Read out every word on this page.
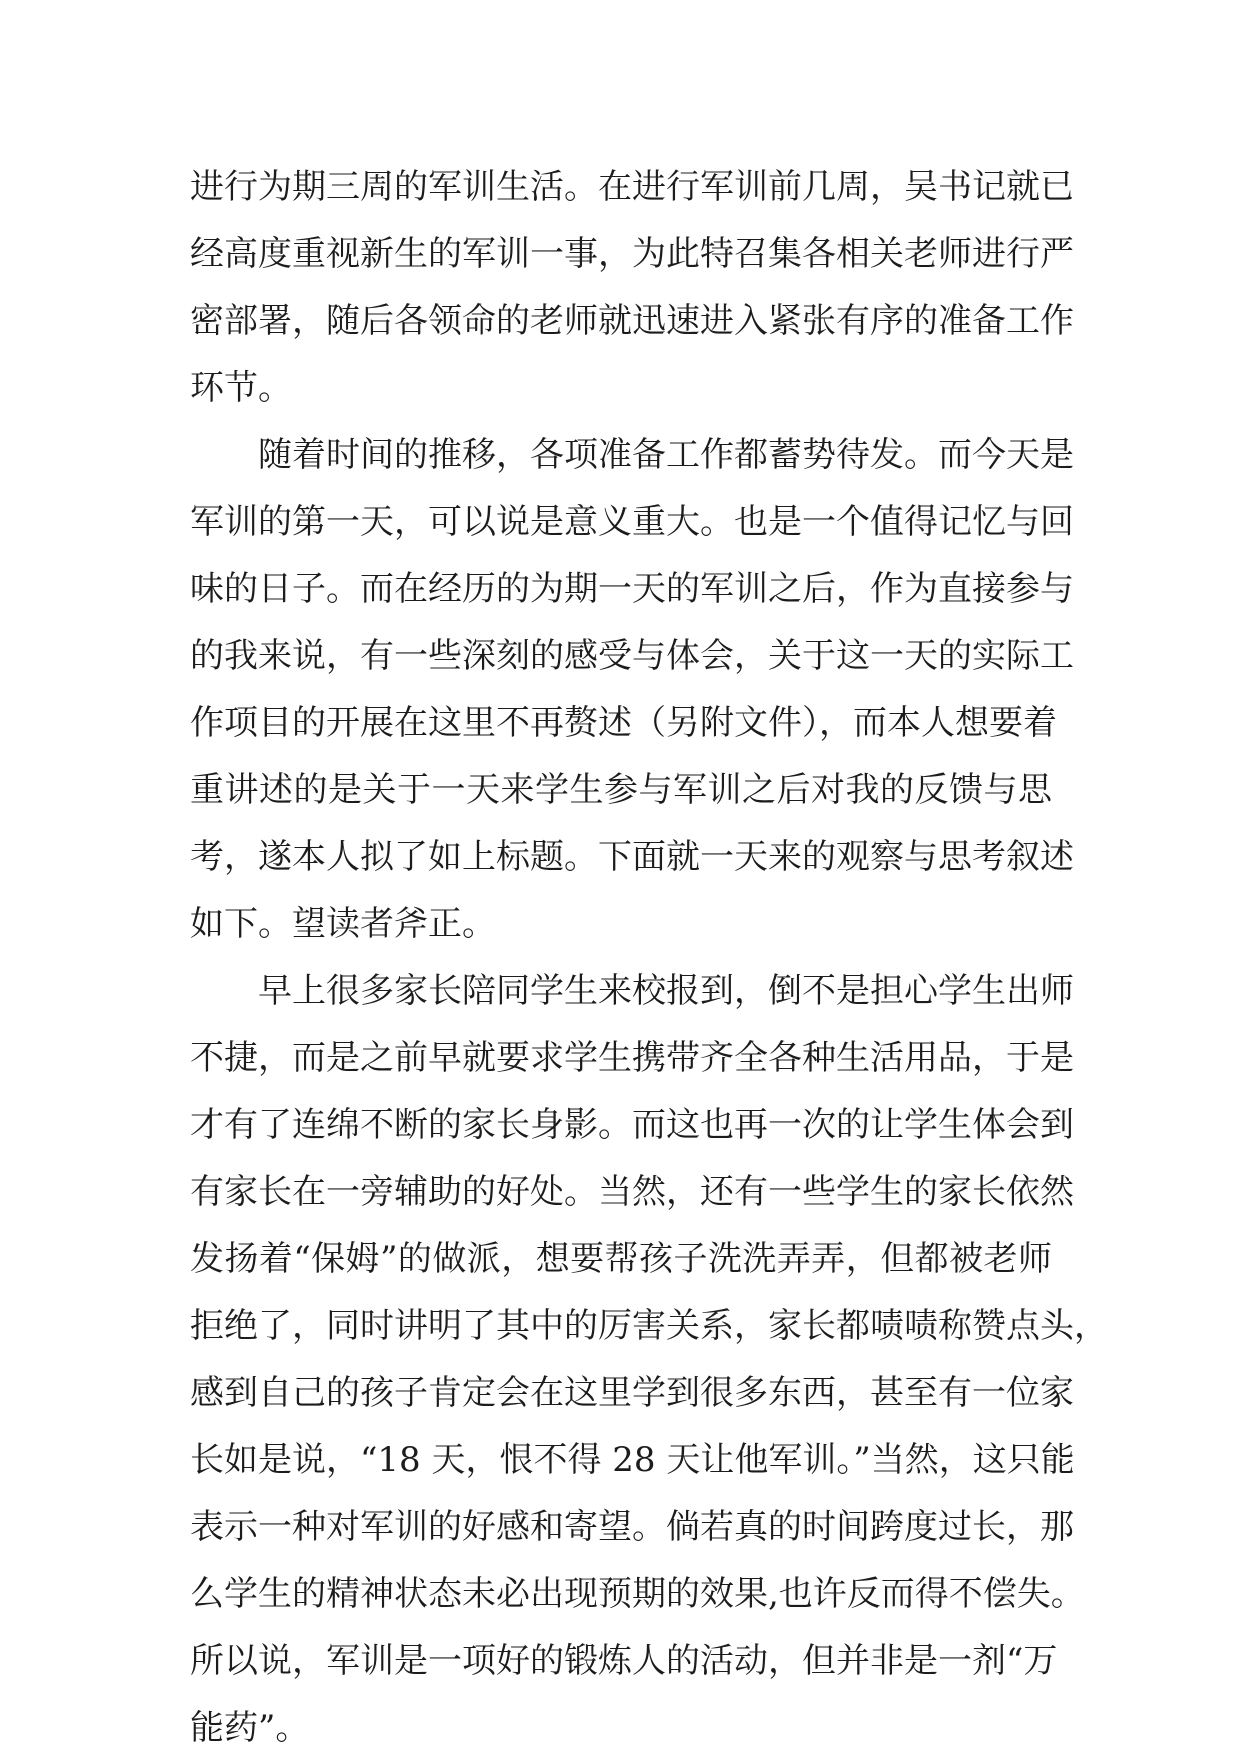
进行为期三周的军训生活。在进行军训前几周，吴书记就已
经高度重视新生的军训一事，为此特召集各相关老师进行严
密部署，随后各领命的老师就迅速进入紧张有序的准备工作
环节。
随着时间的推移，各项准备工作都蓄势待发。而今天是
军训的第一天，可以说是意义重大。也是一个值得记忆与回
味的日子。而在经历的为期一天的军训之后，作为直接参与
的我来说，有一些深刻的感受与体会，关于这一天的实际工
作项目的开展在这里不再赘述（另附文件），而本人想要着
重讲述的是关于一天来学生参与军训之后对我的反馈与思
考，遂本人拟了如上标题。下面就一天来的观察与思考叙述
如下。望读者斧正。
早上很多家长陪同学生来校报到，倒不是担心学生出师
不捷，而是之前早就要求学生携带齐全各种生活用品，于是
才有了连绵不断的家长身影。而这也再一次的让学生体会到
有家长在一旁辅助的好处。当然，还有一些学生的家长依然
发扬着“保姆”的做派，想要帮孩子洗洗弄弄，但都被老师
拒绝了，同时讲明了其中的厉害关系，家长都啧啧称赞点头，
感到自己的孩子肯定会在这里学到很多东西，甚至有一位家
长如是说，“18 天，恨不得 28 天让他军训。”当然，这只能
表示一种对军训的好感和寄望。倘若真的时间跨度过长，那
么学生的精神状态未必出现预期的效果,也许反而得不偿失。
所以说，军训是一项好的锻炼人的活动，但并非是一剂“万
能药”。
